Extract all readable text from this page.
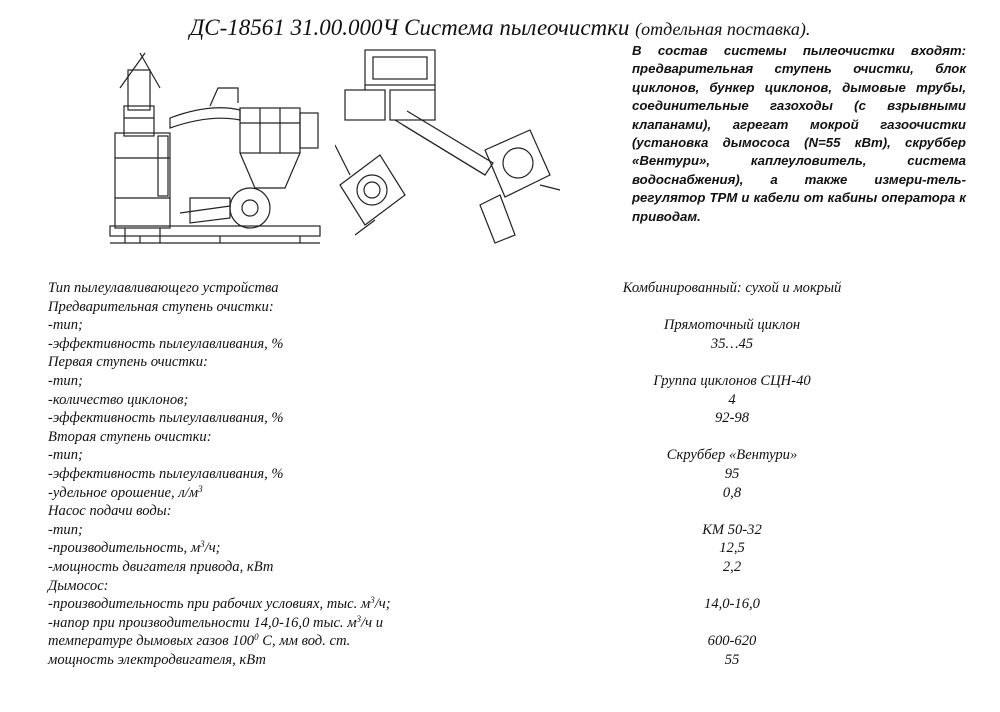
ДС-18561 31.00.000Ч Система пылеочистки (отдельная поставка).
В состав системы пылеочистки входят: предварительная ступень очистки, блок циклонов, бункер циклонов, дымовые трубы, соединительные газоходы (с взрывными клапанами), агрегат мокрой газоочистки (установка дымососа (N=55 кВт), скруббер «Вентури», каплеуловитель, система водоснабжения), а также измери-тель-регулятор ТРМ и кабели от кабины оператора к приводам.
Тип пылеулавливающего устройства	Комбинированный: сухой и мокрый
Предварительная ступень очистки:
-тип;	Прямоточный циклон
-эффективность пылеулавливания, %	35…45
Первая ступень очистки:
-тип;	Группа циклонов СЦН-40
-количество циклонов;	4
-эффективность пылеулавливания, %	92-98
Вторая ступень очистки:
-тип;	Скруббер «Вентури»
-эффективность пылеулавливания, %	95
-удельное орошение, $л/м^3$	0,8
Насос подачи воды:
-тип;	КМ 50-32
-производительность, $м^3/ч$;	12,5
-мощность двигателя привода, кВт	2,2
Дымосос:
-производительность при рабочих условиях, тыс. $м^3/ч$;	14,0-16,0
-напор при производительности 14,0-16,0 тыс. $м^3/ч$ и
температуре дымовых газов $100^0$ С, мм вод. ст.	600-620
мощность электродвигателя, кВт	55
